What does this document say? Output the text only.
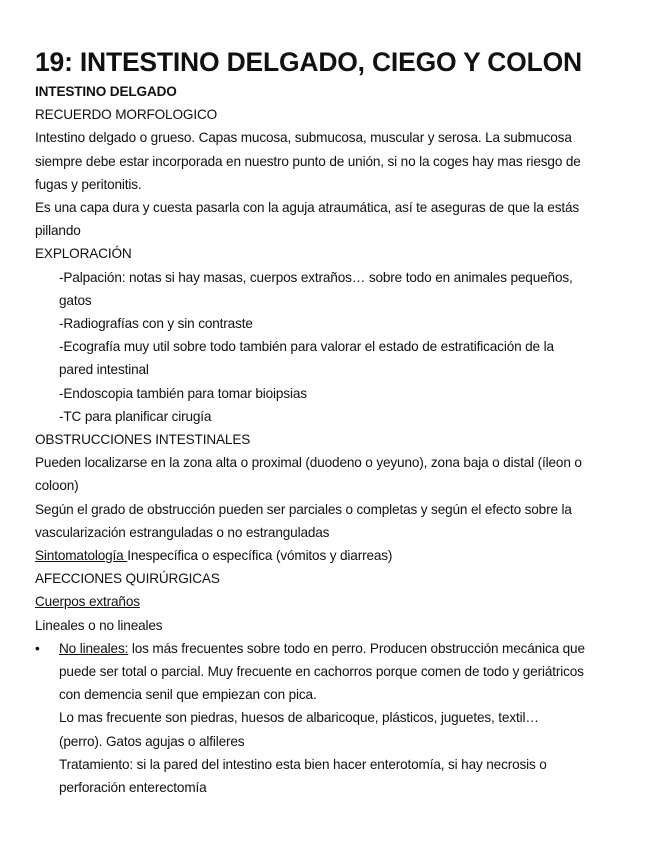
19: INTESTINO DELGADO, CIEGO Y COLON
INTESTINO DELGADO
RECUERDO MORFOLOGICO
Intestino delgado o grueso. Capas mucosa, submucosa, muscular y serosa. La submucosa
siempre debe estar incorporada en nuestro punto de unión, si no la coges hay mas riesgo de
fugas y peritonitis.
Es una capa dura y cuesta pasarla con la aguja atraumática, así te aseguras de que la estás
pillando
EXPLORACIÓN
-Palpación: notas si hay masas, cuerpos extraños… sobre todo en animales pequeños,
gatos
-Radiografías con y sin contraste
-Ecografía muy util sobre todo también para valorar el estado de estratificación de la
pared intestinal
-Endoscopia también para tomar bioipsias
-TC para planificar cirugía
OBSTRUCCIONES INTESTINALES
Pueden localizarse en la zona alta o proximal (duodeno o yeyuno), zona baja o distal (íleon o
coloon)
Según el grado de obstrucción pueden ser parciales o completas y según el efecto sobre la
vascularización estranguladas o no estranguladas
Sintomatología Inespecífica o específica (vómitos y diarreas)
AFECCIONES QUIRÚRGICAS
Cuerpos extraños
Lineales o no lineales
•	No lineales: los más frecuentes sobre todo en perro. Producen obstrucción mecánica que
puede ser total o parcial. Muy frecuente en cachorros porque comen de todo y geriátricos
con demencia senil que empiezan con pica.
Lo mas frecuente son piedras, huesos de albaricoque, plásticos, juguetes, textil…
(perro). Gatos agujas o alfileres
Tratamiento: si la pared del intestino esta bien hacer enterotomía, si hay necrosis o
perforación enterectomía
